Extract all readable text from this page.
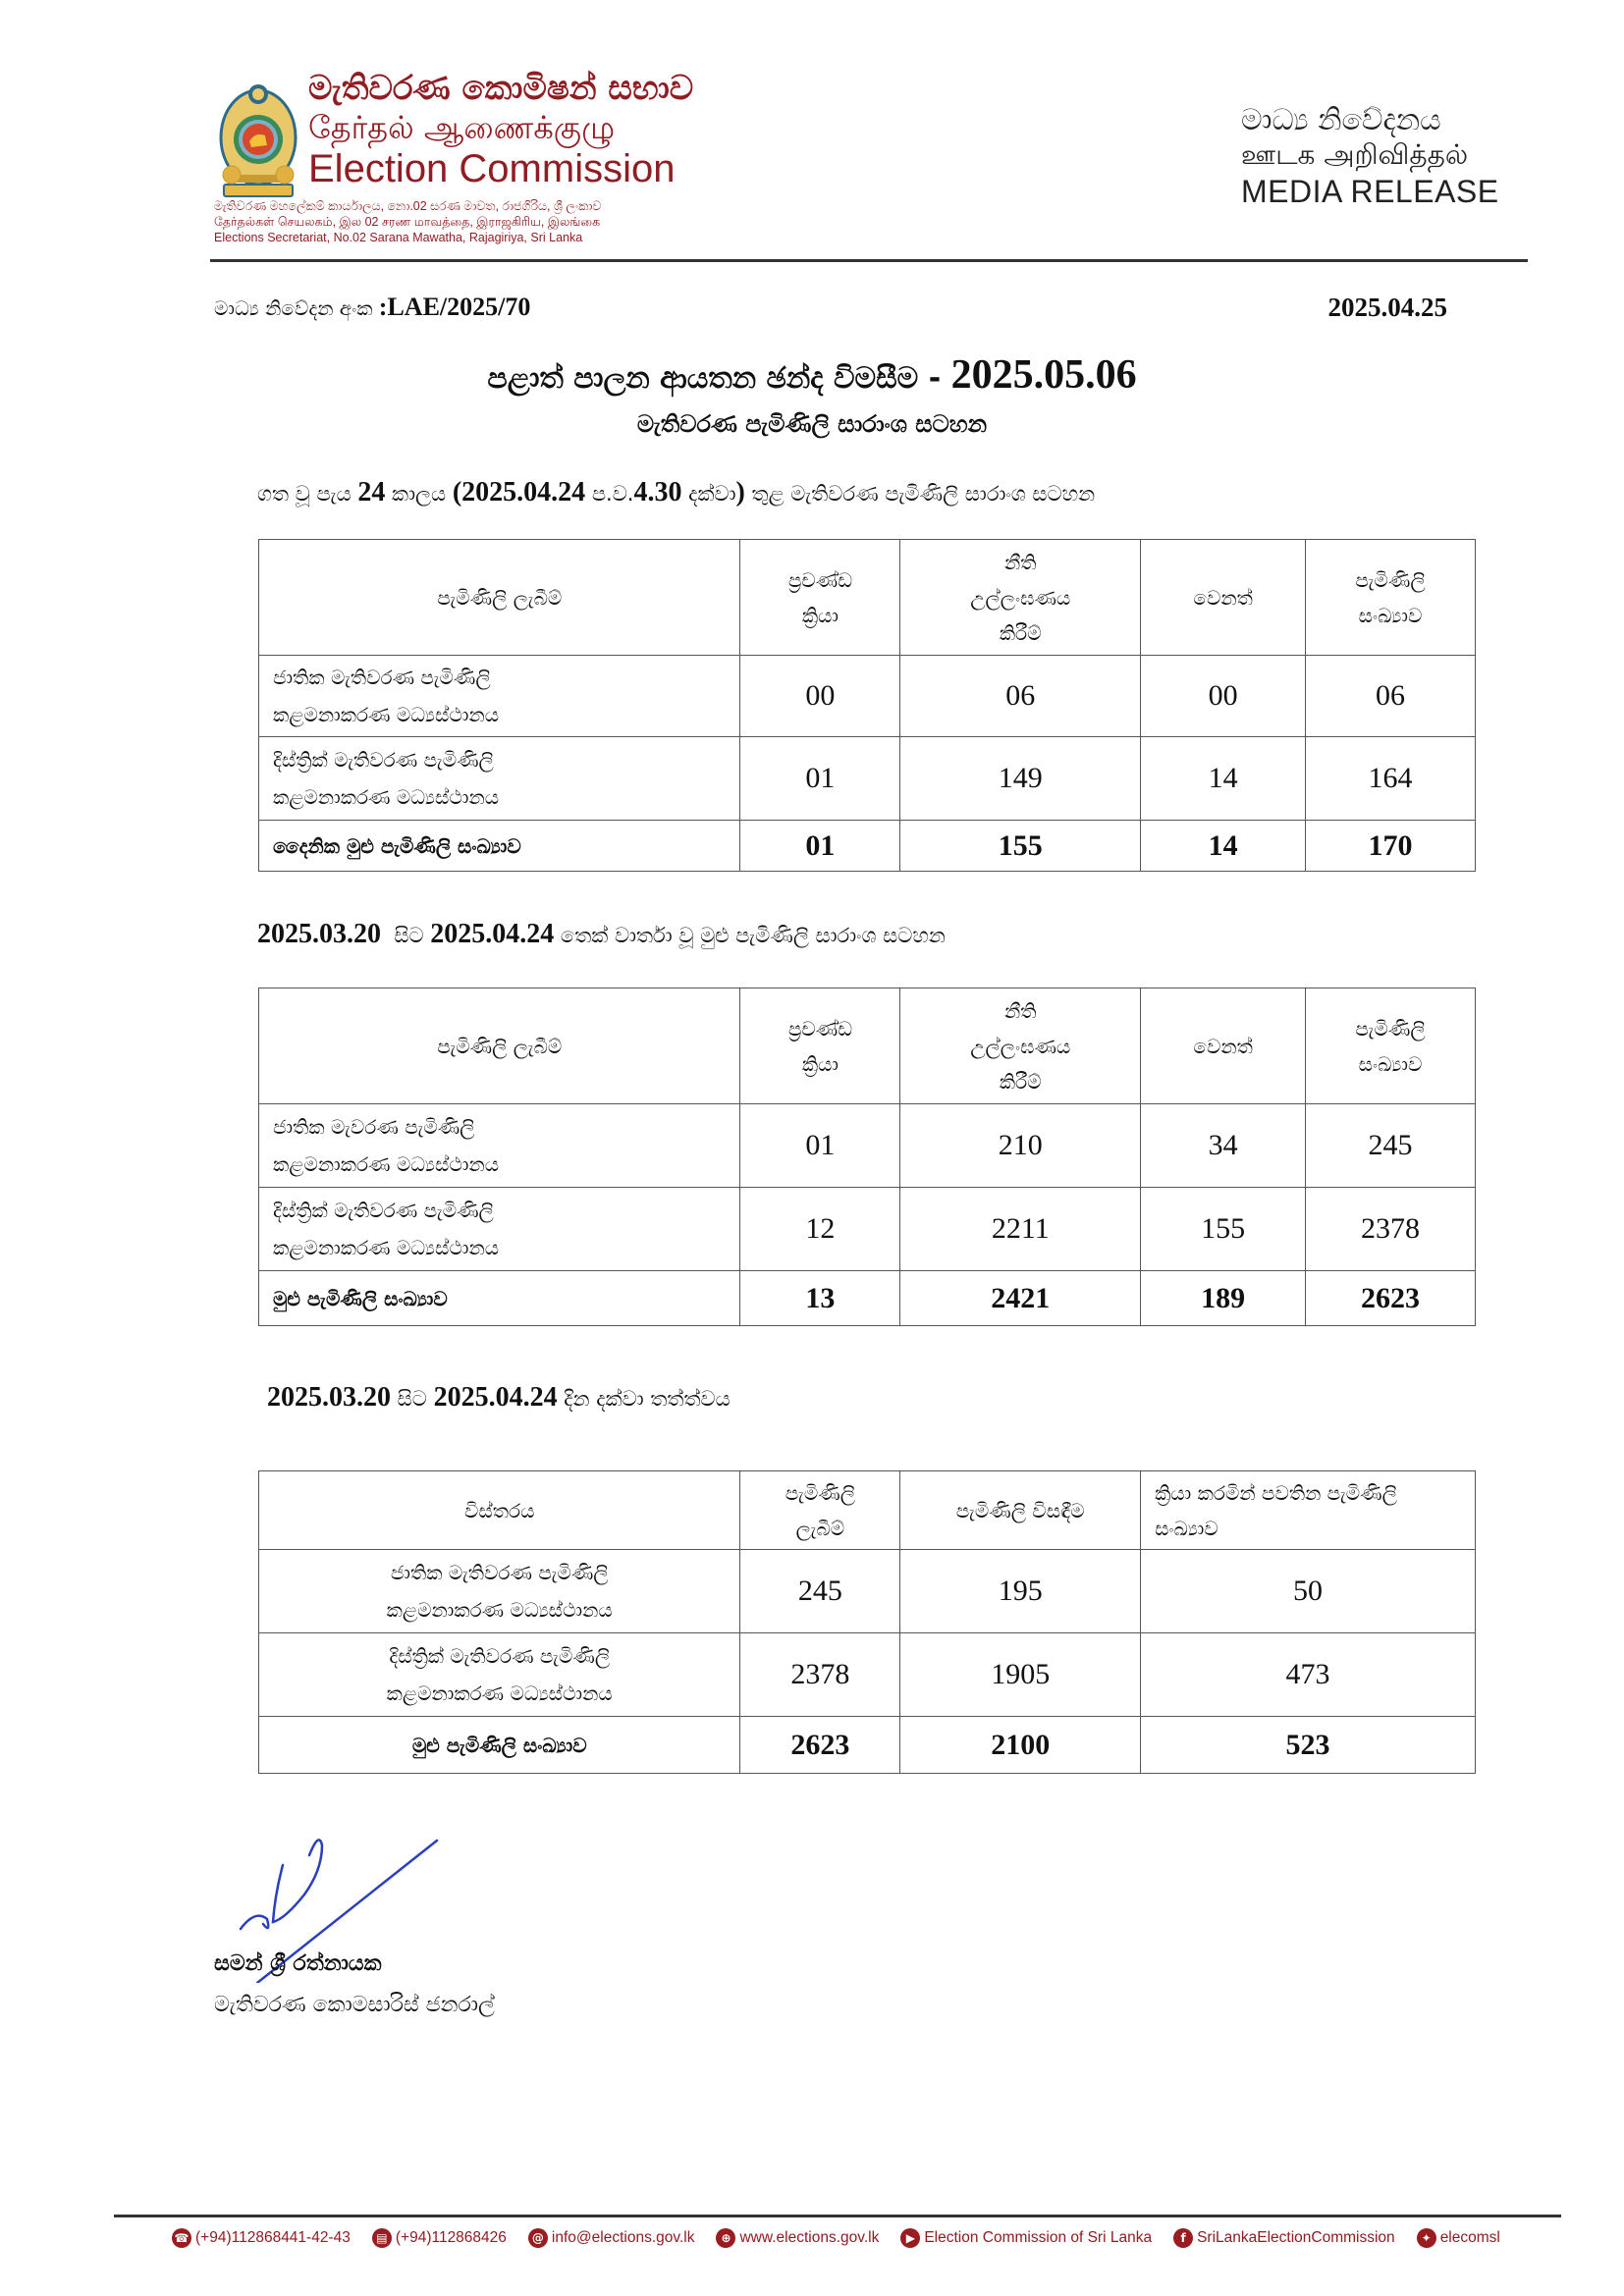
මැතිවරණ කොමිෂන් සභාව
தேர்தல் ஆணைக்குழு
Election Commission
මැතිවරණ මහලේකම් කාර්යාලය, නො.02 සරණ මාවත, රාජගිරිය, ශ්‍රී ලංකාව
தேர்தல்கள் செயலகம், இல 02 சரண மாவத்தை, இராஜகிரிய, இலங்கை
Elections Secretariat, No.02 Sarana Mawatha, Rajagiriya, Sri Lanka
මාධ්‍ය නිවේදනය
ஊடக அறிவித்தல்
MEDIA RELEASE
මාධ්‍ය නිවේදන අංක :LAE/2025/70	2025.04.25
පළාත් පාලන ආයතන ඡන්ද විමසීම - 2025.05.06
මැතිවරණ පැමිණිලි සාරාංශ සටහන
ගත වූ පැය 24 කාලය (2025.04.24 ප.ව.4.30 දක්වා) තුළ මැතිවරණ පැමිණිලි සාරාංශ සටහන
පැමිණිලි ලැබීම්	ප්‍රචණ්ඩ ක්‍රියා	නීති උල්ලංඝණය කිරීම්	වෙනත්	පැමිණිලි සංඛ්‍යාව

ජාතික මැතිවරණ පැමිණිලි
කළමනාකරණ මධ්‍යස්ථානය	00	06	00	06

දිස්ත්‍රික් මැතිවරණ පැමිණිලි
කළමනාකරණ මධ්‍යස්ථානය	01	149	14	164
දෛනික මුළු පැමිණිලි සංඛ්‍යාව	01	155	14	170
2025.03.20  සිට 2025.04.24 තෙක් වාර්තා වූ මුළු පැමිණිලි සාරාංශ සටහන
පැමිණිලි ලැබීම්	ප්‍රචණ්ඩ ක්‍රියා	නීති උල්ලංඝණය කිරීම්	වෙනත්	පැමිණිලි සංඛ්‍යාව

ජාතික මැවරණ පැමිණිලි
කළමනාකරණ මධ්‍යස්ථානය	01	210	34	245

දිස්ත්‍රික් මැතිවරණ පැමිණිලි
කළමනාකරණ මධ්‍යස්ථානය	12	2211	155	2378
මුළු පැමිණිලි සංඛ්‍යාව	13	2421	189	2623
2025.03.20 සිට 2025.04.24 දින දක්වා තත්ත්වය
විස්තරය	පැමිණිලි ලැබීම්	පැමිණිලි විසඳීම	ක්‍රියා කරමින් පවතින පැමිණිලි සංඛ්‍යාව

ජාතික මැතිවරණ පැමිණිලි
කළමනාකරණ මධ්‍යස්ථානය	245	195	50

දිස්ත්‍රික් මැතිවරණ පැමිණිලි
කළමනාකරණ මධ්‍යස්ථානය	2378	1905	473
මුළු පැමිණිලි සංඛ්‍යාව	2623	2100	523
සමන් ශ්‍රී රත්නායක
මැතිවරණ කොමසාරිස් ජනරාල්
☎ (+94)112868441-42-43	▤ (+94)112868426	@ info@elections.gov.lk	⊕ www.elections.gov.lk	▶ Election Commission of Sri Lanka	f SriLankaElectionCommission	✦ elecomsl
